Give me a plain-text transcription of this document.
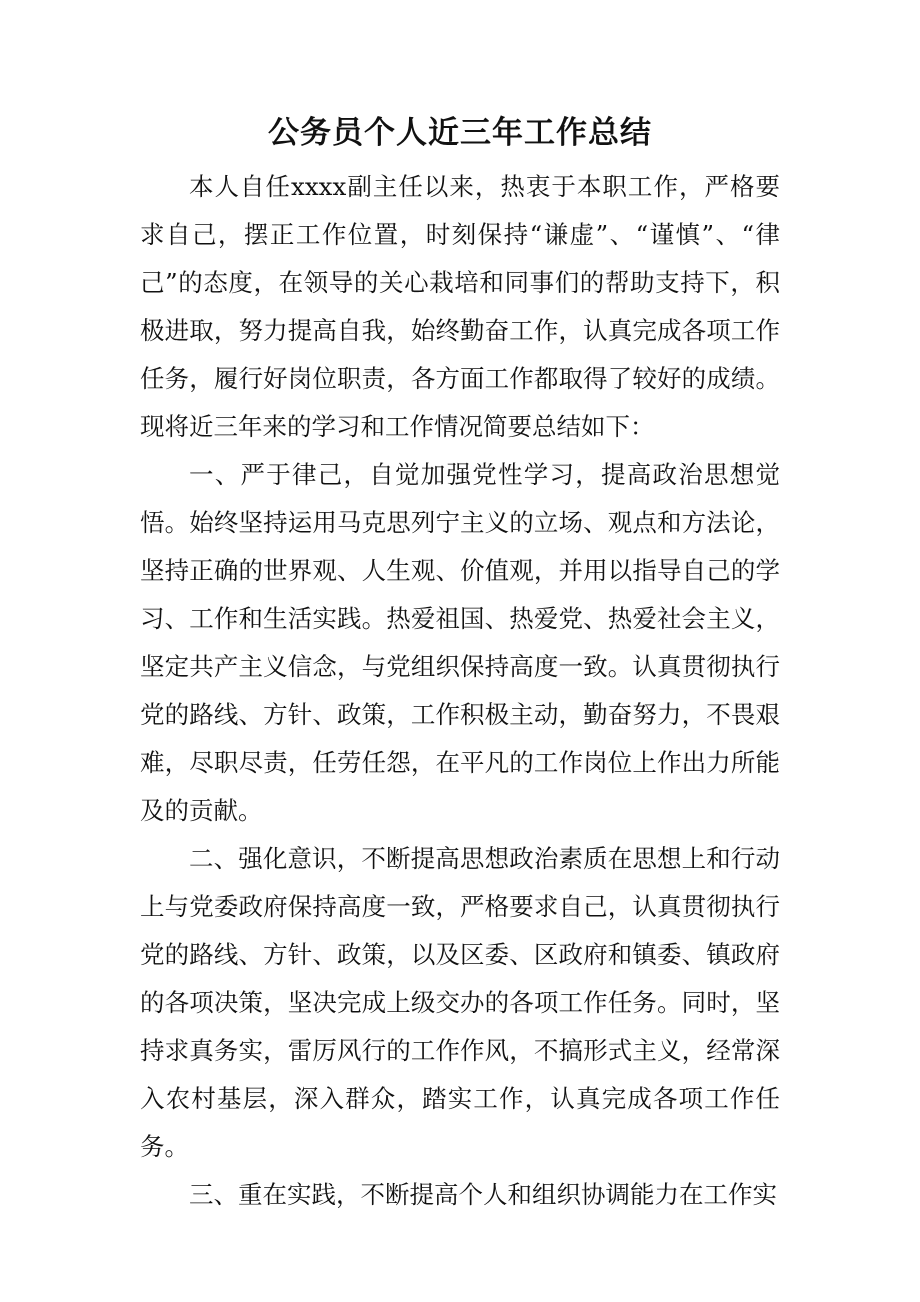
公务员个人近三年工作总结

本人自任xxxx副主任以来，热衷于本职工作，严格要求自己，摆正工作位置，时刻保持“谦虚”、“谨慎”、“律己”的态度，在领导的关心栽培和同事们的帮助支持下，积极进取，努力提高自我，始终勤奋工作，认真完成各项工作任务，履行好岗位职责，各方面工作都取得了较好的成绩。现将近三年来的学习和工作情况简要总结如下：

一、严于律己，自觉加强党性学习，提高政治思想觉悟。始终坚持运用马克思列宁主义的立场、观点和方法论，坚持正确的世界观、人生观、价值观，并用以指导自己的学习、工作和生活实践。热爱祖国、热爱党、热爱社会主义，坚定共产主义信念，与党组织保持高度一致。认真贯彻执行党的路线、方针、政策，工作积极主动，勤奋努力，不畏艰难，尽职尽责，任劳任怨，在平凡的工作岗位上作出力所能及的贡献。

二、强化意识，不断提高思想政治素质在思想上和行动上与党委政府保持高度一致，严格要求自己，认真贯彻执行党的路线、方针、政策，以及区委、区政府和镇委、镇政府的各项决策，坚决完成上级交办的各项工作任务。同时，坚持求真务实，雷厉风行的工作作风，不搞形式主义，经常深入农村基层，深入群众，踏实工作，认真完成各项工作任务。

三、重在实践，不断提高个人和组织协调能力在工作实
